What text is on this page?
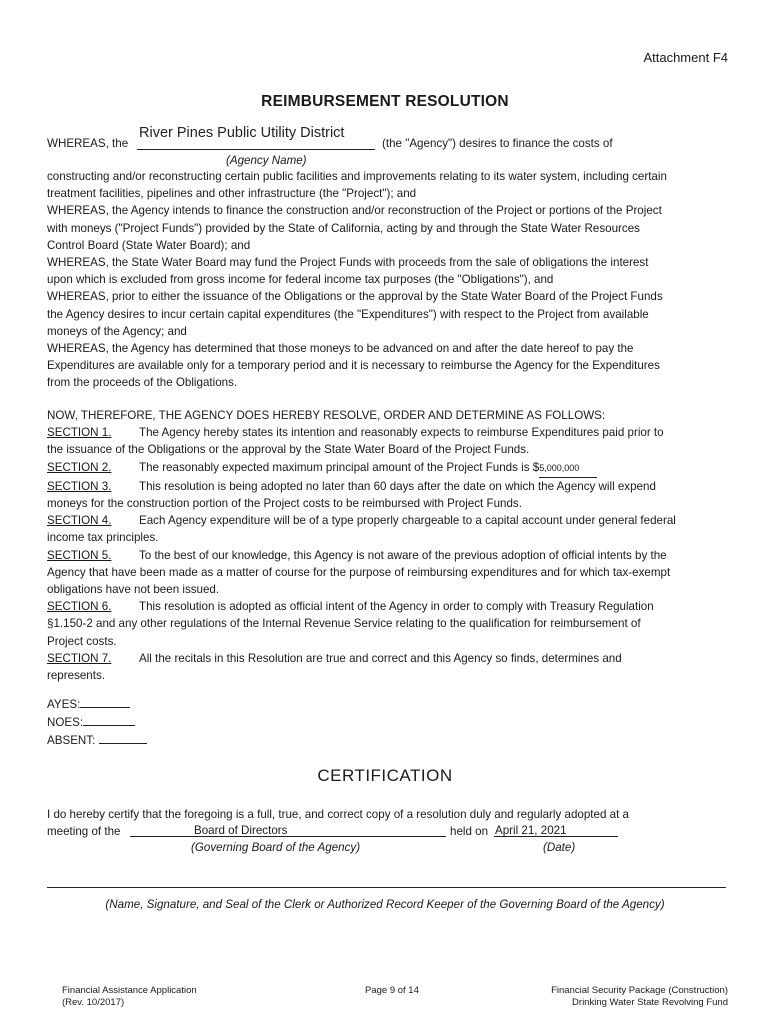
Attachment F4
REIMBURSEMENT RESOLUTION
WHEREAS, the
River Pines Public Utility District
(the "Agency") desires to finance the costs of
(Agency Name)
constructing and/or reconstructing certain public facilities and improvements relating to its water system, including certain
treatment facilities, pipelines and other infrastructure (the "Project"); and
WHEREAS, the Agency intends to finance the construction and/or reconstruction of the Project or portions of the Project
with moneys ("Project Funds") provided by the State of California, acting by and through the State Water Resources
Control Board (State Water Board); and
WHEREAS, the State Water Board may fund the Project Funds with proceeds from the sale of obligations the interest
upon which is excluded from gross income for federal income tax purposes (the "Obligations"), and
WHEREAS, prior to either the issuance of the Obligations or the approval by the State Water Board of the Project Funds
the Agency desires to incur certain capital expenditures (the "Expenditures") with respect to the Project from available
moneys of the Agency; and
WHEREAS, the Agency has determined that those moneys to be advanced on and after the date hereof to pay the
Expenditures are available only for a temporary period and it is necessary to reimburse the Agency for the Expenditures
from the proceeds of the Obligations.
NOW, THEREFORE, THE AGENCY DOES HEREBY RESOLVE, ORDER AND DETERMINE AS FOLLOWS:
SECTION 1. The Agency hereby states its intention and reasonably expects to reimburse Expenditures paid prior to
the issuance of the Obligations or the approval by the State Water Board of the Project Funds.
SECTION 2. The reasonably expected maximum principal amount of the Project Funds is $5,000,000
SECTION 3. This resolution is being adopted no later than 60 days after the date on which the Agency will expend
moneys for the construction portion of the Project costs to be reimbursed with Project Funds.
SECTION 4. Each Agency expenditure will be of a type properly chargeable to a capital account under general federal
income tax principles.
SECTION 5. To the best of our knowledge, this Agency is not aware of the previous adoption of official intents by the
Agency that have been made as a matter of course for the purpose of reimbursing expenditures and for which tax-exempt
obligations have not been issued.
SECTION 6. This resolution is adopted as official intent of the Agency in order to comply with Treasury Regulation
§1.150-2 and any other regulations of the Internal Revenue Service relating to the qualification for reimbursement of
Project costs.
SECTION 7. All the recitals in this Resolution are true and correct and this Agency so finds, determines and
represents.
AYES:
NOES:
ABSENT:
CERTIFICATION
I do hereby certify that the foregoing is a full, true, and correct copy of a resolution duly and regularly adopted at a
meeting of the	Board of Directors	held on April 21, 2021
(Governing Board of the Agency)	(Date)
(Name, Signature, and Seal of the Clerk or Authorized Record Keeper of the Governing Board of the Agency)
Financial Assistance Application
(Rev. 10/2017)
Page 9 of 14	Financial Security Package (Construction)
Drinking Water State Revolving Fund
